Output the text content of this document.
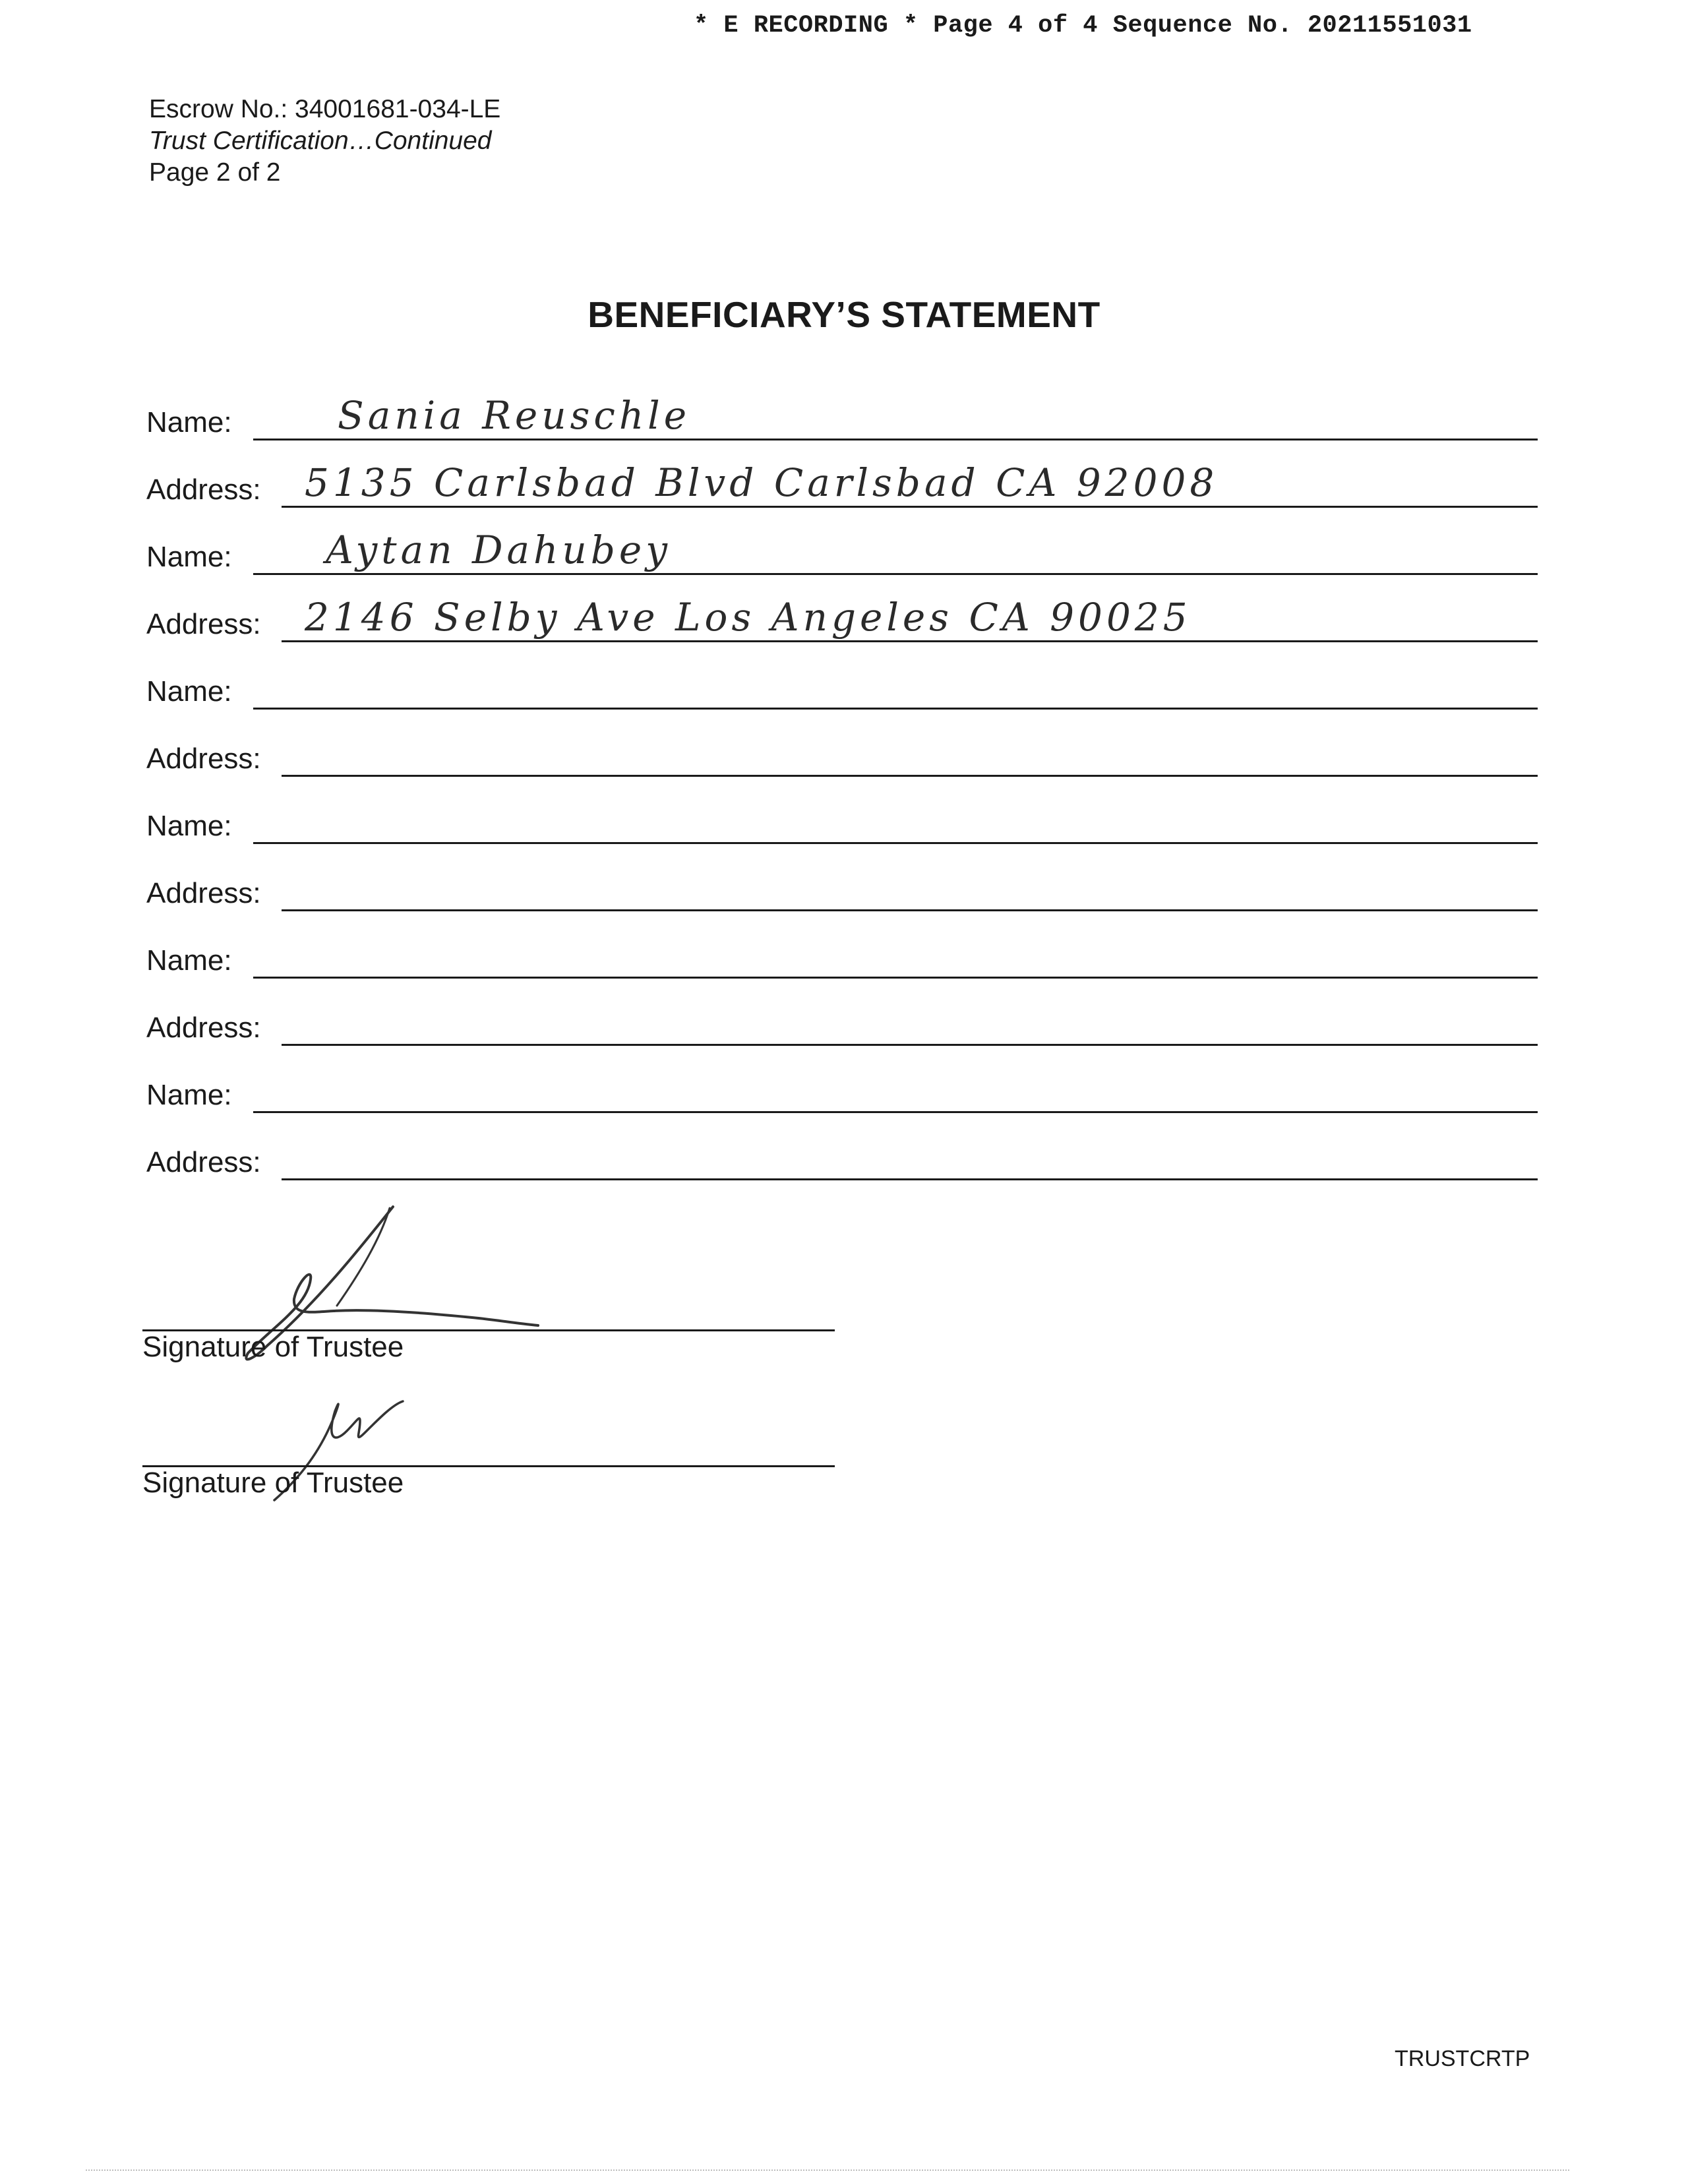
* E RECORDING * Page 4 of 4 Sequence No. 20211551031
Escrow No.: 34001681-034-LE
Trust Certification…Continued
Page 2 of 2
BENEFICIARY’S STATEMENT
Name:	Sania Reuschle
Address: 5135 Carlsbad Blvd Carlsbad CA 92008
Name: Aytan Dahubey
Address: 2146 Selby Ave Los Angeles CA 90025
Name:
Address:
Name:
Address:
Name:
Address:
Name:
Address:
Signature of Trustee
Signature of Trustee
TRUSTCRTP
